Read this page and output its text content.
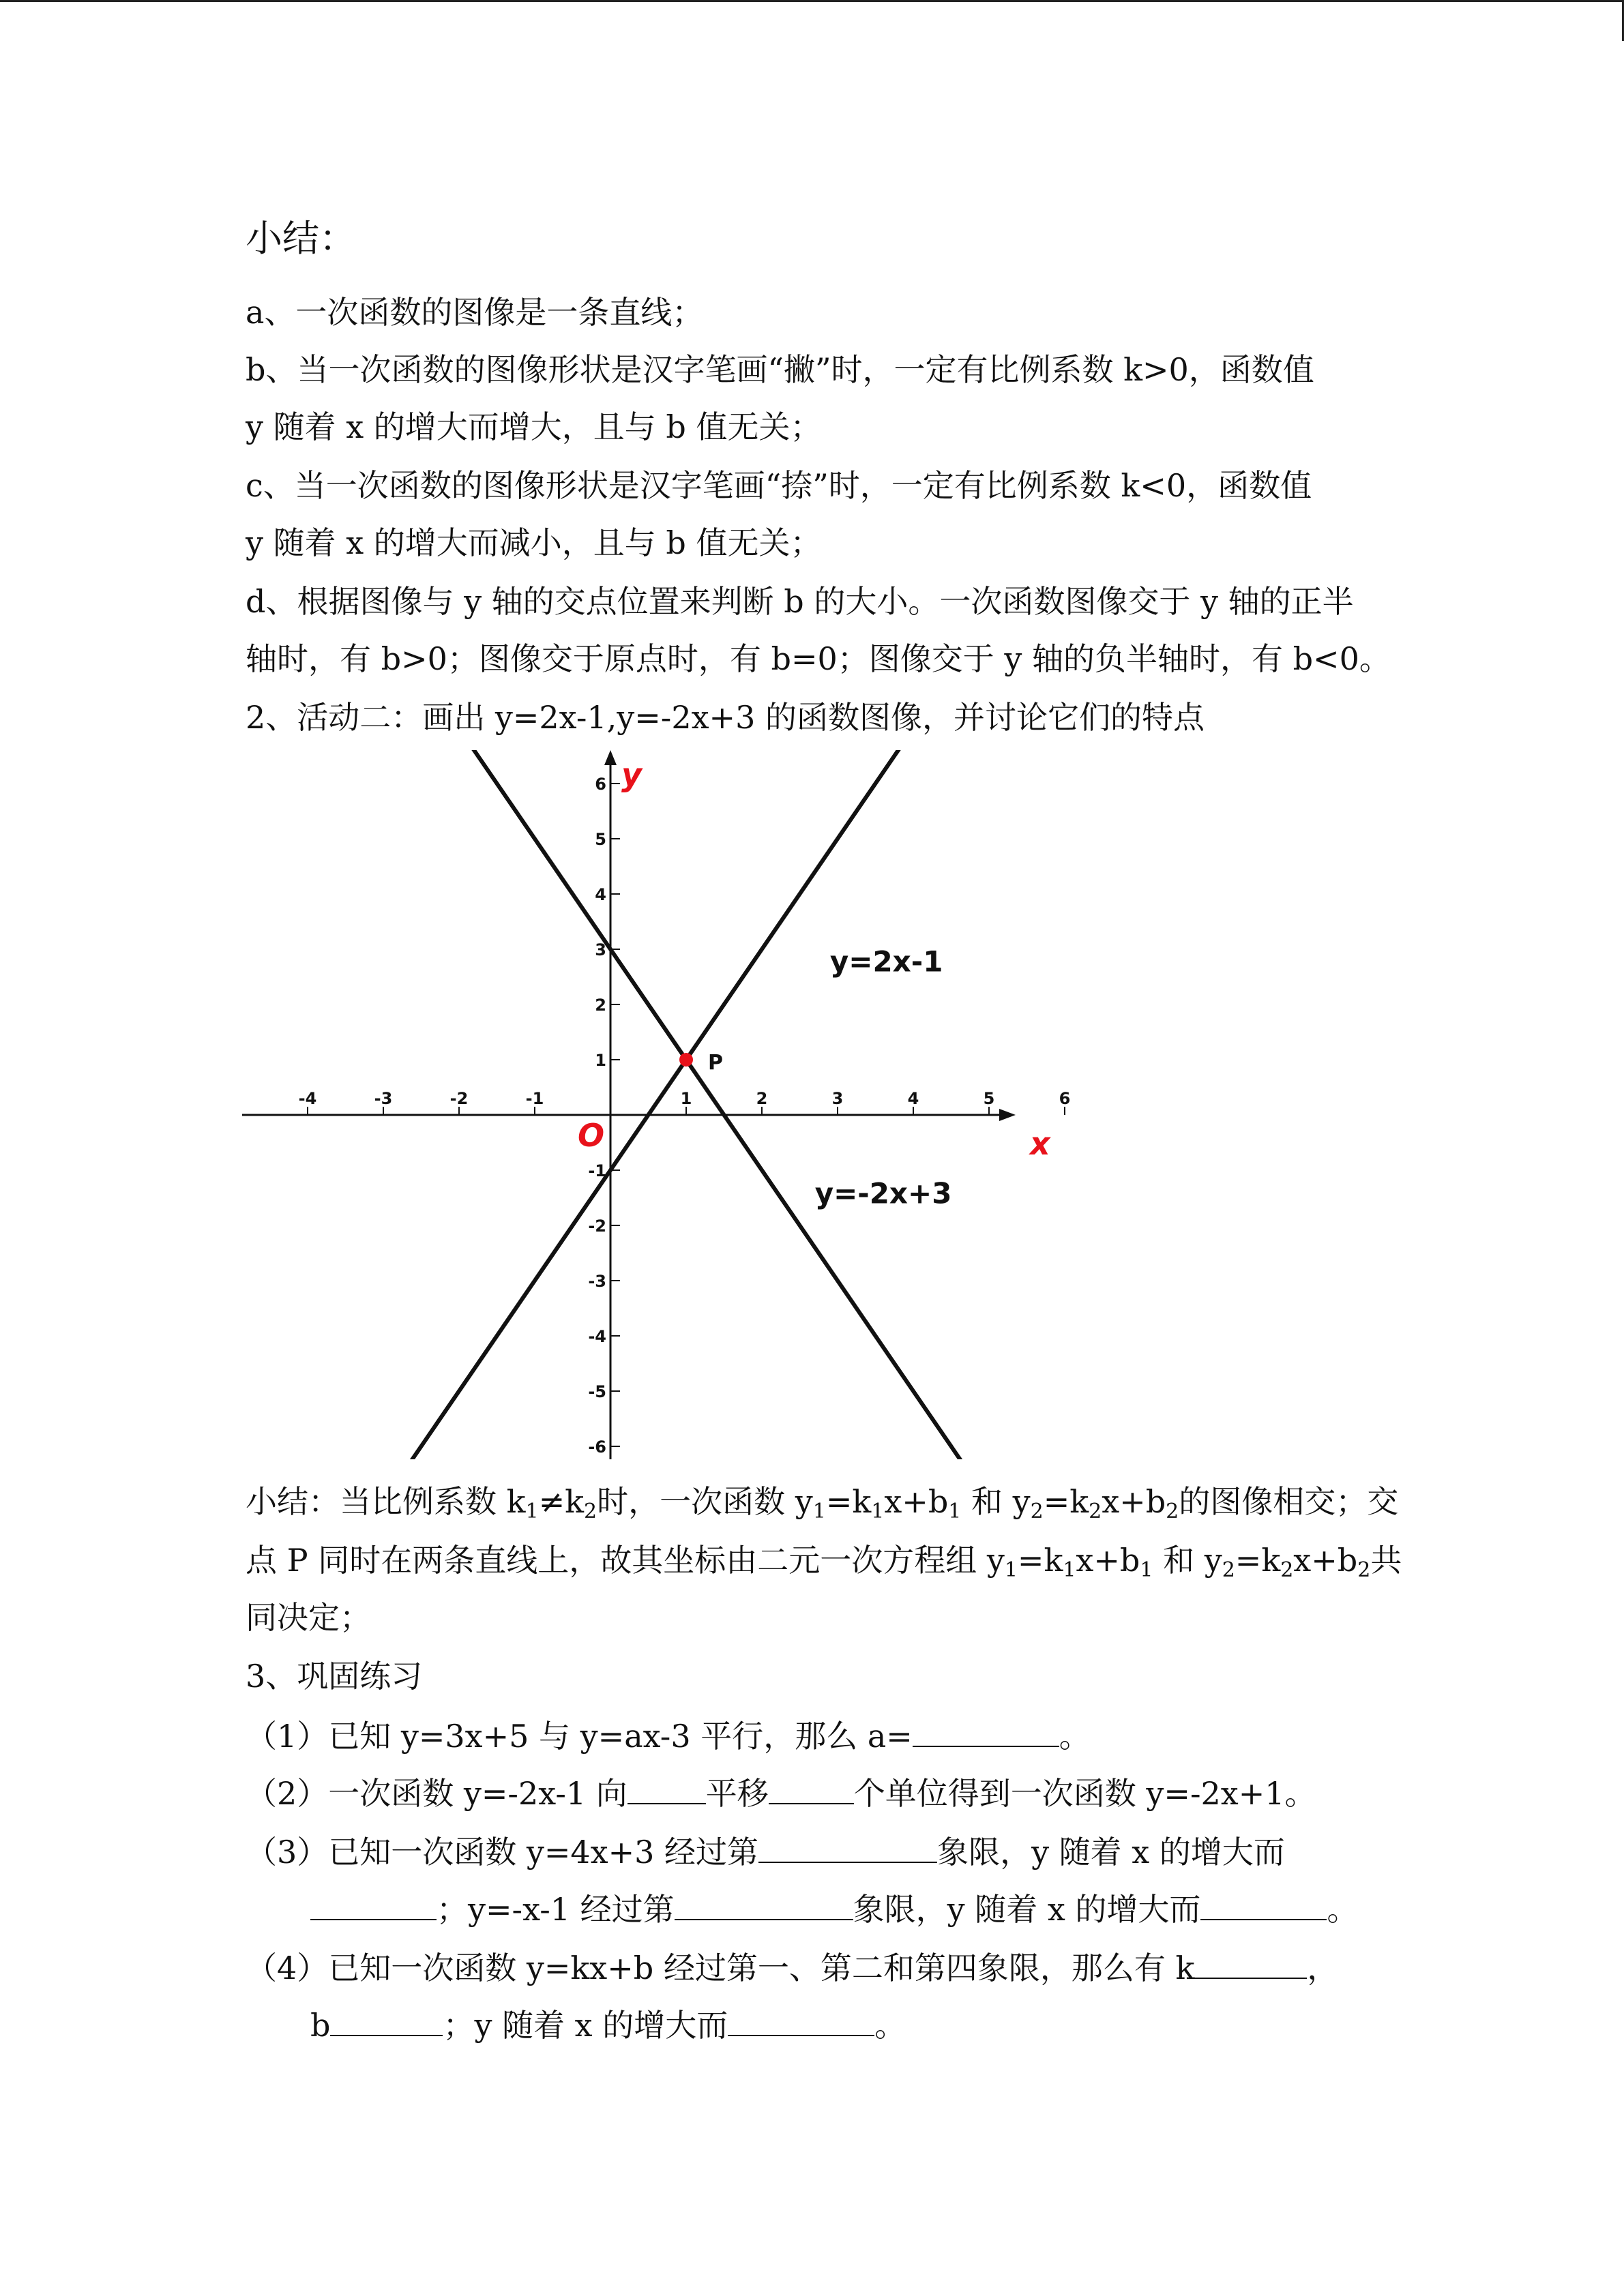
小结：
a、一次函数的图像是一条直线；
b、当一次函数的图像形状是汉字笔画“撇”时，一定有比例系数 k>0，函数值
y 随着 x 的增大而增大，且与 b 值无关；
c、当一次函数的图像形状是汉字笔画“捺”时，一定有比例系数 k<0，函数值
y 随着 x 的增大而减小，且与 b 值无关；
d、根据图像与 y 轴的交点位置来判断 b 的大小。一次函数图像交于 y 轴的正半
轴时，有 b>0；图像交于原点时，有 b=0；图像交于 y 轴的负半轴时，有 b<0。
2、活动二：画出 y=2x-1,y=-2x+3 的函数图像，并讨论它们的特点
-4	-3	-2	-1	1	2	3	4	5	6
-6
-5
-4
-3
-2
-1
1
2
3
4
5
6
y=2x-1
y=-2x+3
P
O	x
y
小结：当比例系数 $k_1\ne k_2$时，一次函数 $y_1=k_1x+b_1$ 和 $y_2=k_2x+b_2$的图像相交；交
点 P 同时在两条直线上，故其坐标由二元一次方程组 $y_1=k_1x+b_1$ 和 $y_2=k_2x+b_2$共
同决定；
3、巩固练习
（1）已知 y=3x+5 与 y=ax-3 平行，那么 a=	。
（2）一次函数 y=-2x-1 向	平移	个单位得到一次函数 y=-2x+1。
（3）已知一次函数 y=4x+3 经过第	象限，y 随着 x 的增大而
；y=-x-1 经过第	象限，y 随着 x 的增大而	。
（4）已知一次函数 y=kx+b 经过第一、第二和第四象限，那么有 k	，
b	；y 随着 x 的增大而	。
